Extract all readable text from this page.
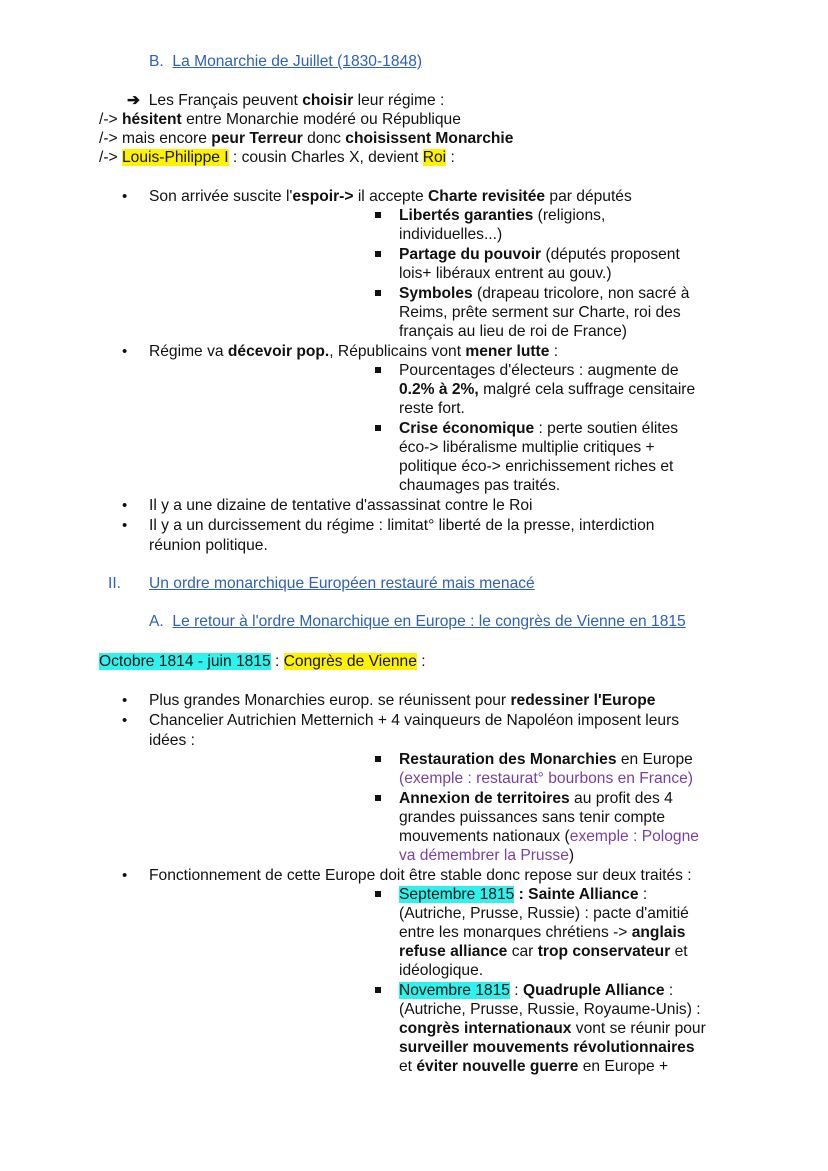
B. La Monarchie de Juillet (1830-1848)
➔ Les Français peuvent choisir leur régime :
/-> hésitent entre Monarchie modéré ou République
/-> mais encore peur Terreur donc choisissent Monarchie
/-> Louis-Philippe I : cousin Charles X, devient Roi :
• Son arrivée suscite l'espoir-> il accepte Charte revisitée par députés
Libertés garanties (religions,
individuelles...)
Partage du pouvoir (députés proposent
lois+ libéraux entrent au gouv.)
Symboles (drapeau tricolore, non sacré à
Reims, prête serment sur Charte, roi des
français au lieu de roi de France)
• Régime va décevoir pop., Républicains vont mener lutte :
Pourcentages d'électeurs : augmente de
0.2% à 2%, malgré cela suffrage censitaire
reste fort.
Crise économique : perte soutien élites
éco-> libéralisme multiplie critiques +
politique éco-> enrichissement riches et
chaumages pas traités.
• Il y a une dizaine de tentative d'assassinat contre le Roi
• Il y a un durcissement du régime : limitat° liberté de la presse, interdiction
réunion politique.
II. Un ordre monarchique Européen restauré mais menacé
A. Le retour à l'ordre Monarchique en Europe : le congrès de Vienne en 1815
Octobre 1814 - juin 1815 : Congrès de Vienne :
• Plus grandes Monarchies europ. se réunissent pour redessiner l'Europe
• Chancelier Autrichien Metternich + 4 vainqueurs de Napoléon imposent leurs
idées :
Restauration des Monarchies en Europe
(exemple : restaurat° bourbons en France)
Annexion de territoires au profit des 4
grandes puissances sans tenir compte
mouvements nationaux (exemple : Pologne
va démembrer la Prusse)
• Fonctionnement de cette Europe doit être stable donc repose sur deux traités :
Septembre 1815 : Sainte Alliance :
(Autriche, Prusse, Russie) : pacte d'amitié
entre les monarques chrétiens -> anglais
refuse alliance car trop conservateur et
idéologique.
Novembre 1815 : Quadruple Alliance :
(Autriche, Prusse, Russie, Royaume-Unis) :
congrès internationaux vont se réunir pour
surveiller mouvements révolutionnaires
et éviter nouvelle guerre en Europe +
